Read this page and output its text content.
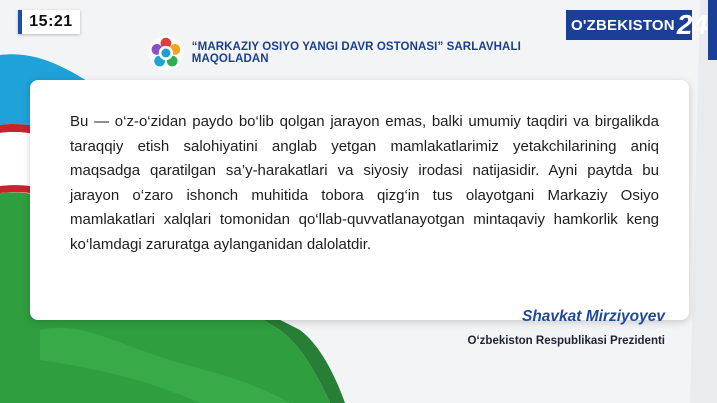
15:21	O'ZBEKISTON 24
“MARKAZIY OSIYO YANGI DAVR OSTONASI” SARLAVHALI MAQOLADAN

Bu — o‘z-o‘zidan paydo bo‘lib qolgan jarayon emas, balki umumiy taqdiri va birgalikda taraqqiy etish salohiyatini anglab yetgan mamlakatlarimiz yetakchilarining aniq maqsadga qaratilgan sa’y-harakatlari va siyosiy irodasi natijasidir. Ayni paytda bu jarayon o‘zaro ishonch muhitida tobora qizg‘in tus olayotgani Markaziy Osiyo mamlakatlari xalqlari tomonidan qo‘llab-quvvatlanayotgan mintaqaviy hamkorlik keng ko‘lamdagi zaruratga aylanganidan dalolatdir.

Shavkat Mirziyoyev
O‘zbekiston Respublikasi Prezidenti
